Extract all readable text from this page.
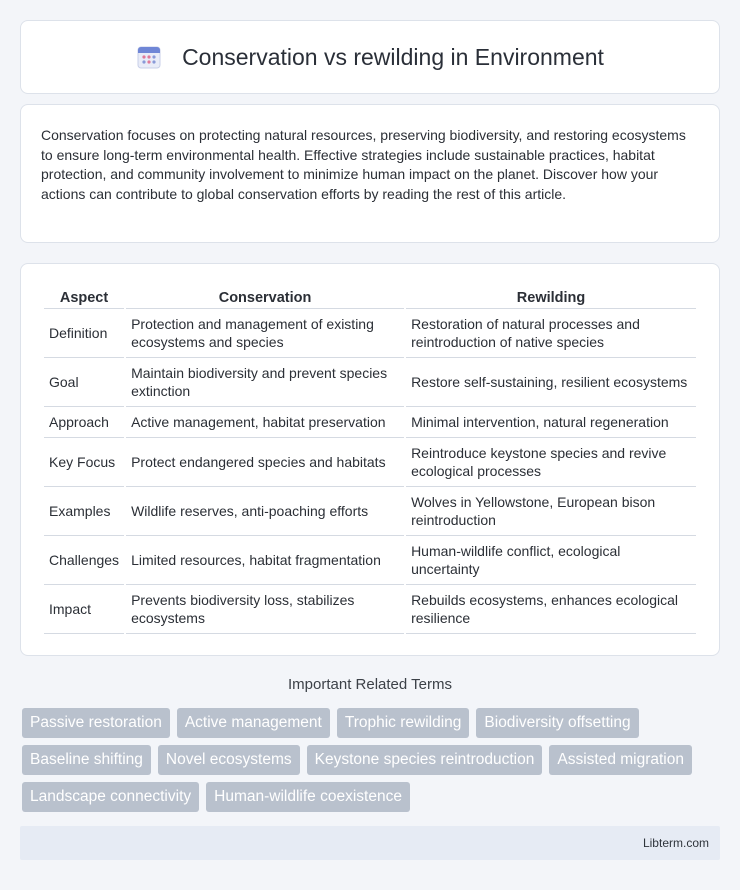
Conservation vs rewilding in Environment

Conservation focuses on protecting natural resources, preserving biodiversity, and restoring ecosystems to ensure long-term environmental health. Effective strategies include sustainable practices, habitat protection, and community involvement to minimize human impact on the planet. Discover how your actions can contribute to global conservation efforts by reading the rest of this article.

Aspect	Conservation	Rewilding
Definition	Protection and management of existing ecosystems and species	Restoration of natural processes and reintroduction of native species
Goal	Maintain biodiversity and prevent species extinction	Restore self-sustaining, resilient ecosystems
Approach	Active management, habitat preservation	Minimal intervention, natural regeneration
Key Focus	Protect endangered species and habitats	Reintroduce keystone species and revive ecological processes
Examples	Wildlife reserves, anti-poaching efforts	Wolves in Yellowstone, European bison reintroduction
Challenges	Limited resources, habitat fragmentation	Human-wildlife conflict, ecological uncertainty
Impact	Prevents biodiversity loss, stabilizes ecosystems	Rebuilds ecosystems, enhances ecological resilience
Important Related Terms
Passive restoration	Active management	Trophic rewilding	Biodiversity offsetting
Baseline shifting	Novel ecosystems	Keystone species reintroduction	Assisted migration
Landscape connectivity	Human-wildlife coexistence
Libterm.com
